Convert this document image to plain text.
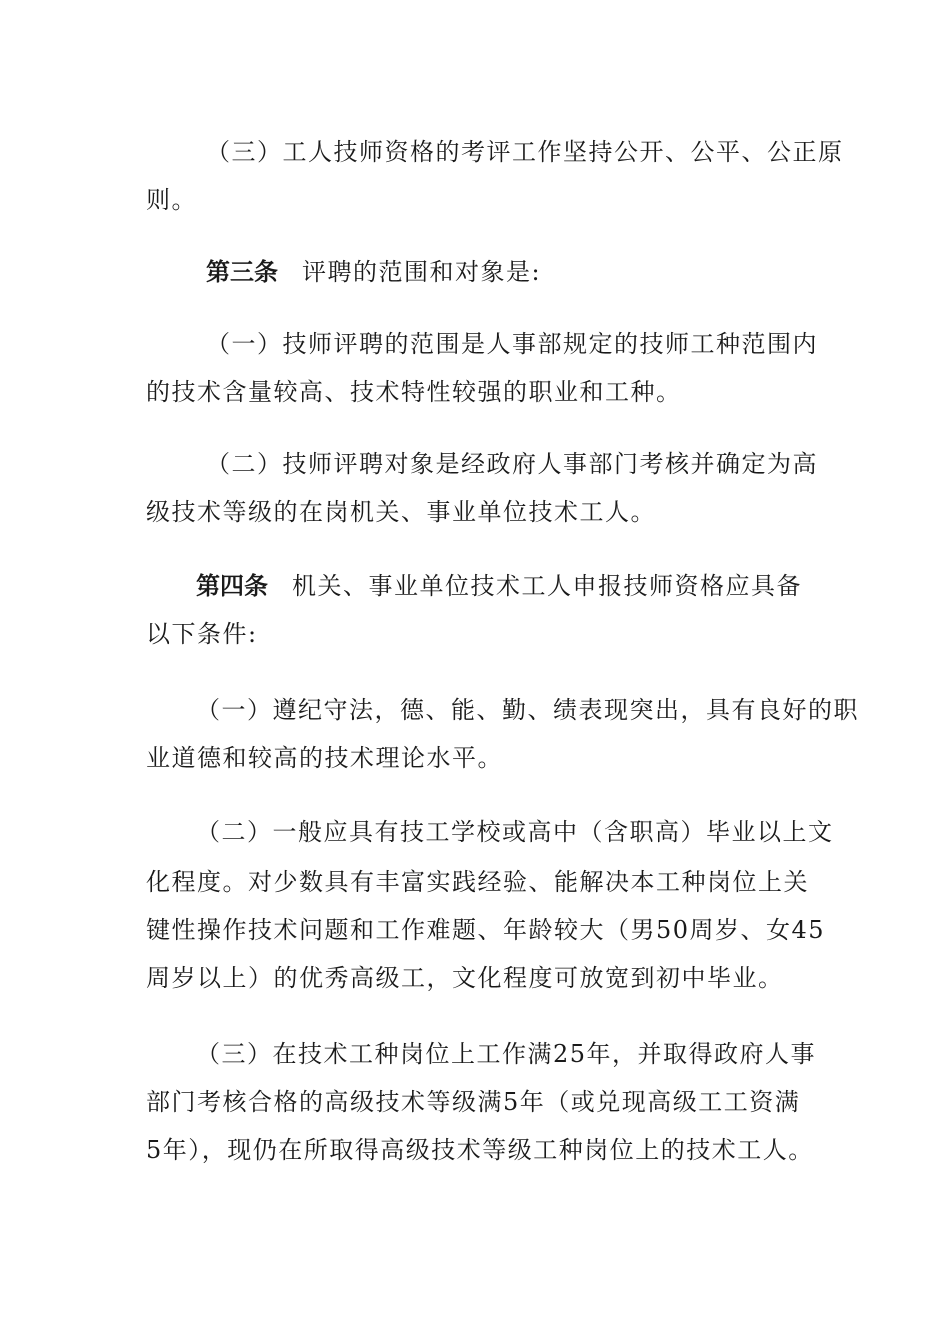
（三）工人技师资格的考评工作坚持公开、公平、公正原
则。
第三条 评聘的范围和对象是:
（一）技师评聘的范围是人事部规定的技师工种范围内
的技术含量较高、技术特性较强的职业和工种。
（二）技师评聘对象是经政府人事部门考核并确定为高
级技术等级的在岗机关、事业单位技术工人。
第四条 机关、事业单位技术工人申报技师资格应具备
以下条件:
（一）遵纪守法，德、能、勤、绩表现突出，具有良好的职
业道德和较高的技术理论水平。
（二）一般应具有技工学校或高中（含职高）毕业以上文
化程度。对少数具有丰富实践经验、能解决本工种岗位上关
键性操作技术问题和工作难题、年龄较大（男50周岁、女45
周岁以上）的优秀高级工，文化程度可放宽到初中毕业。
（三）在技术工种岗位上工作满25年，并取得政府人事
部门考核合格的高级技术等级满5年（或兑现高级工工资满
5年），现仍在所取得高级技术等级工种岗位上的技术工人。
